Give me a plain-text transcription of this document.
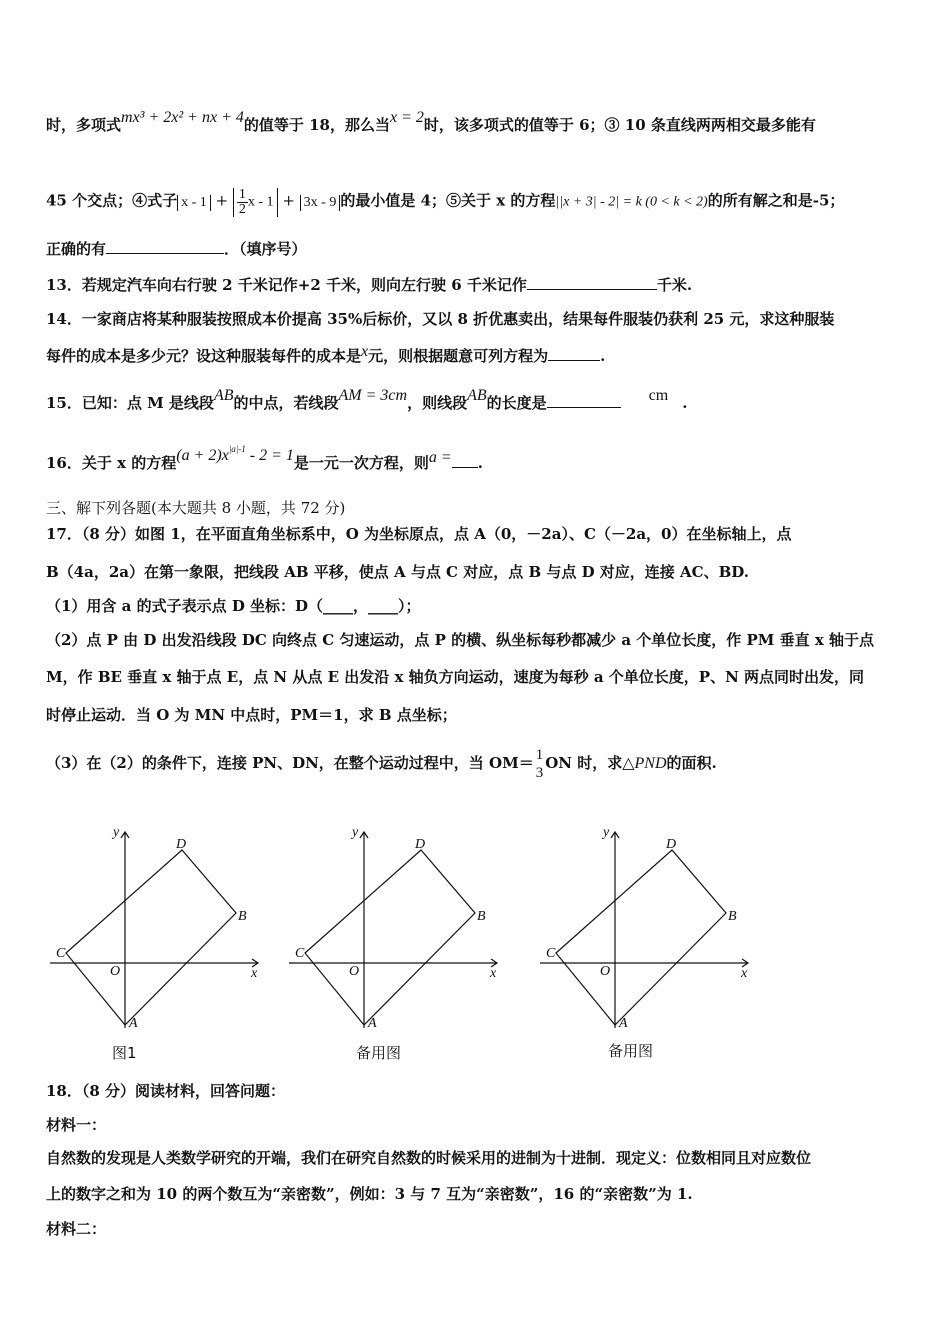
时，多项式mx³ + 2x² + nx + 4的值等于 18，那么当x = 2时，该多项式的值等于 6；③ 10 条直线两两相交最多能有
45 个交点；④式子 $x - 1 + \frac{1}{2}$ x - 1 + 3x - 9 的最小值是 4；⑤关于 x 的方程||x + 3| - 2| = k (0 < k < 2)的所有解之和是-5；
正确的有	．（填序号）
13．若规定汽车向右行驶 2 千米记作+2 千米，则向左行驶 6 千米记作	千米.
14．一家商店将某种服装按照成本价提高 35%后标价，又以 8 折优惠卖出，结果每件服装仍获利 25 元，求这种服装
每件的成本是多少元？设这种服装每件的成本是x元，则根据题意可列方程为	.
15．已知：点 M 是线段AB的中点，若线段AM = 3cm，则线段AB的长度是	cm .
16．关于 x 的方程$(a + 2)x^{|a|-1} - 2 = 1$是一元一次方程，则a = .
三、解下列各题(本大题共 8 小题，共 72 分)
17．（8 分）如图 1，在平面直角坐标系中，O 为坐标原点，点 A（0，－2a）、C（－2a，0）在坐标轴上，点
B（4a，2a）在第一象限，把线段 AB 平移，使点 A 与点 C 对应，点 B 与点 D 对应，连接 AC、BD.
（1）用含 a 的式子表示点 D 坐标：D（____，____）；
（2）点 P 由 D 出发沿线段 DC 向终点 C 匀速运动，点 P 的横、纵坐标每秒都减少 a 个单位长度，作 PM 垂直 x 轴于点
M，作 BE 垂直 x 轴于点 E，点 N 从点 E 出发沿 x 轴负方向运动，速度为每秒 a 个单位长度，P、N 两点同时出发，同
时停止运动．当 O 为 MN 中点时，PM＝1，求 B 点坐标；
（3）在（2）的条件下，连接 PN、DN，在整个运动过程中，当 OM＝ 1
3
ON 时，求△PND的面积.
y
D
B
C
O	x
A
图1
y
D
B
C
O	x
A
备用图
y
D
B
C
O	x
A
备用图
18．（8 分）阅读材料，回答问题：
材料一：
自然数的发现是人类数学研究的开端，我们在研究自然数的时候采用的进制为十进制．现定义：位数相同且对应数位
上的数字之和为 10 的两个数互为“亲密数”，例如：3 与 7 互为“亲密数”，16 的“亲密数”为 1.
材料二：
